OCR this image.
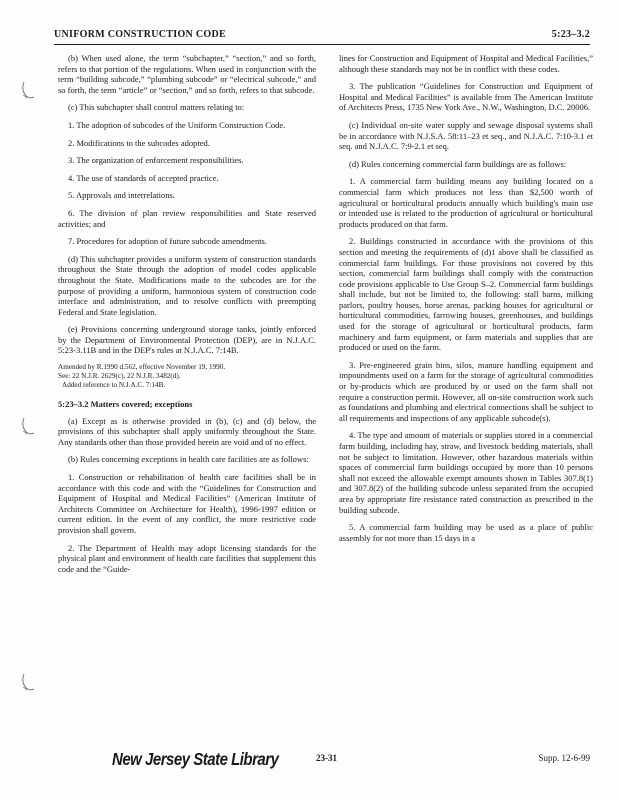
UNIFORM CONSTRUCTION CODE	5:23–3.2

(b) When used alone, the term “subchapter,” “section,” and so forth, refers to that portion of the regulations. When used in conjunction with the term “building subcode,” “plumbing subcode” or “electrical subcode,” and so forth, the term “article” or “section,” and so forth, refers to that subcode.

(c) This subchapter shall control matters relating to:

1. The adoption of subcodes of the Uniform Construction Code.

2. Modifications to the subcodes adopted.

3. The organization of enforcement responsibilities.

4. The use of standards of accepted practice.

5. Approvals and interrelations.

6. The division of plan review responsibilities and State reserved activities; and

7. Procedures for adoption of future subcode amendments.

(d) This subchapter provides a uniform system of construction standards throughout the State through the adoption of model codes applicable throughout the State. Modifications made to the subcodes are for the purpose of providing a uniform, harmonious system of construction code interface and administration, and to resolve conflicts with preempting Federal and State legislation.

(e) Provisions concerning underground storage tanks, jointly enforced by the Department of Environmental Protection (DEP), are in N.J.A.C. 5:23-3.11B and in the DEP's rules at N.J.A.C. 7:14B.

Amended by R.1990 d.562, effective November 19, 1990.
See: 22 N.J.R. 2629(c), 22 N.J.R. 3482(d).
Added reference to N.J.A.C. 7:14B.

5:23–3.2 Matters covered; exceptions

(a) Except as is otherwise provided in (b), (c) and (d) below, the provisions of this subchapter shall apply uniformly throughout the State. Any standards other than those provided herein are void and of no effect.

(b) Rules concerning exceptions in health care facilities are as follows:

1. Construction or rehabilitation of health care facilities shall be in accordance with this code and with the “Guidelines for Construction and Equipment of Hospital and Medical Facilities” (American Institute of Architects Committee on Architecture for Health), 1996-1997 edition or current edition. In the event of any conflict, the more restrictive code provision shall govern.

2. The Department of Health may adopt licensing standards for the physical plant and environment of health care facilities that supplement this code and the “Guide-

lines for Construction and Equipment of Hospital and Medical Facilities,” although these standards may not be in conflict with these codes.

3. The publication “Guidelines for Construction and Equipment of Hospital and Medical Facilities” is available from The American Institute of Architects Press, 1735 New York Ave., N.W., Washington, D.C. 20006.

(c) Individual on-site water supply and sewage disposal systems shall be in accordance with N.J.S.A. 58:11–23 et seq., and N.J.A.C. 7:10-3.1 et seq. and N.J.A.C. 7:9-2.1 et seq.

(d) Rules concerning commercial farm buildings are as follows:

1. A commercial farm building means any building located on a commercial farm which produces not less than $2,500 worth of agricultural or horticultural products annually which building's main use or intended use is related to the production of agricultural or horticultural products produced on that farm.

2. Buildings constructed in accordance with the provisions of this section and meeting the requirements of (d)1 above shall be classified as commercial farm buildings. For those provisions not covered by this section, commercial farm buildings shall comply with the construction code provisions applicable to Use Group S–2. Commercial farm buildings shall include, but not be limited to, the following: stall barns, milking parlors, poultry houses, horse arenas, packing houses for agricultural or horticultural commodities, farrowing houses, greenhouses, and buildings used for the storage of agricultural or horticultural products, farm machinery and farm equipment, or farm materials and supplies that are produced or used on the farm.

3. Pre-engineered grain bins, silos, manure handling equipment and impoundments used on a farm for the storage of agricultural commodities or by-products which are produced by or used on the farm shall not require a construction permit. However, all on-site construction work such as foundations and plumbing and electrical connections shall be subject to all requirements and inspections of any applicable subcode(s).

4. The type and amount of materials or supplies stored in a commercial farm building, including hay, straw, and livestock bedding materials, shall not be subject to limitation. However, other hazardous materials within spaces of commercial farm buildings occupied by more than 10 persons shall not exceed the allowable exempt amounts shown in Tables 307.8(1) and 307.8(2) of the building subcode unless separated from the occupied area by appropriate fire resistance rated construction as prescribed in the building subcode.

5. A commercial farm building may be used as a place of public assembly for not more than 15 days in a

New Jersey State Library	23-31	Supp. 12-6-99
